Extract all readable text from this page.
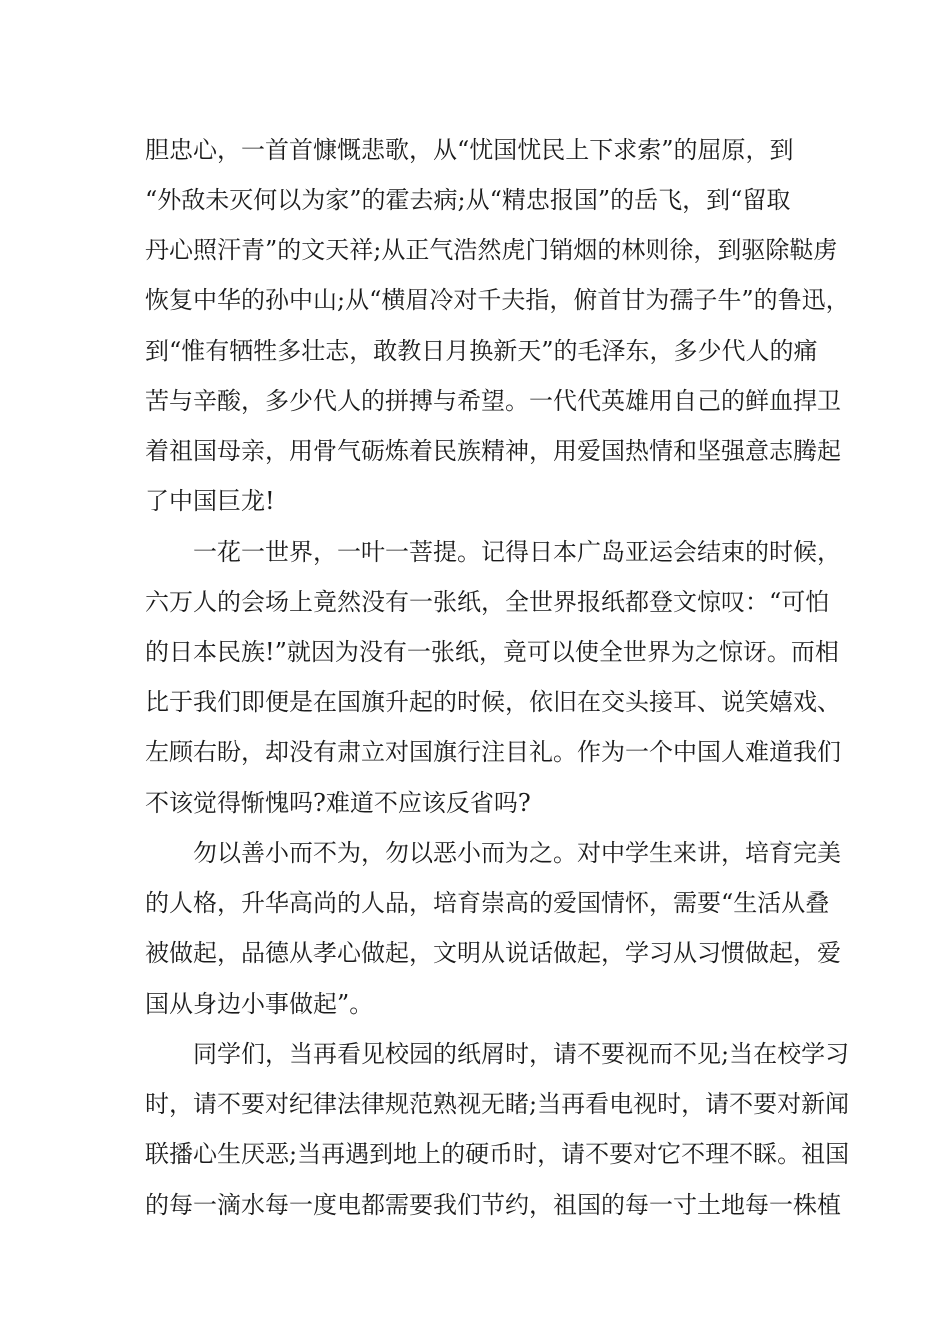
胆忠心，一首首慷慨悲歌，从“忧国忧民上下求索”的屈原，到
“外敌未灭何以为家”的霍去病;从“精忠报国”的岳飞，到“留取
丹心照汗青”的文天祥;从正气浩然虎门销烟的林则徐，到驱除鞑虏
恢复中华的孙中山;从“横眉冷对千夫指，俯首甘为孺子牛”的鲁迅，
到“惟有牺牲多壮志，敢教日月换新天”的毛泽东，多少代人的痛
苦与辛酸，多少代人的拼搏与希望。一代代英雄用自己的鲜血捍卫
着祖国母亲，用骨气砺炼着民族精神，用爱国热情和坚强意志腾起
了中国巨龙!
一花一世界，一叶一菩提。记得日本广岛亚运会结束的时候，
六万人的会场上竟然没有一张纸，全世界报纸都登文惊叹：“可怕
的日本民族!”就因为没有一张纸，竟可以使全世界为之惊讶。而相
比于我们即便是在国旗升起的时候，依旧在交头接耳、说笑嬉戏、
左顾右盼，却没有肃立对国旗行注目礼。作为一个中国人难道我们
不该觉得惭愧吗?难道不应该反省吗?
勿以善小而不为，勿以恶小而为之。对中学生来讲，培育完美
的人格，升华高尚的人品，培育崇高的爱国情怀，需要“生活从叠
被做起，品德从孝心做起，文明从说话做起，学习从习惯做起，爱
国从身边小事做起”。
同学们，当再看见校园的纸屑时，请不要视而不见;当在校学习
时，请不要对纪律法律规范熟视无睹;当再看电视时，请不要对新闻
联播心生厌恶;当再遇到地上的硬币时，请不要对它不理不睬。祖国
的每一滴水每一度电都需要我们节约，祖国的每一寸土地每一株植
